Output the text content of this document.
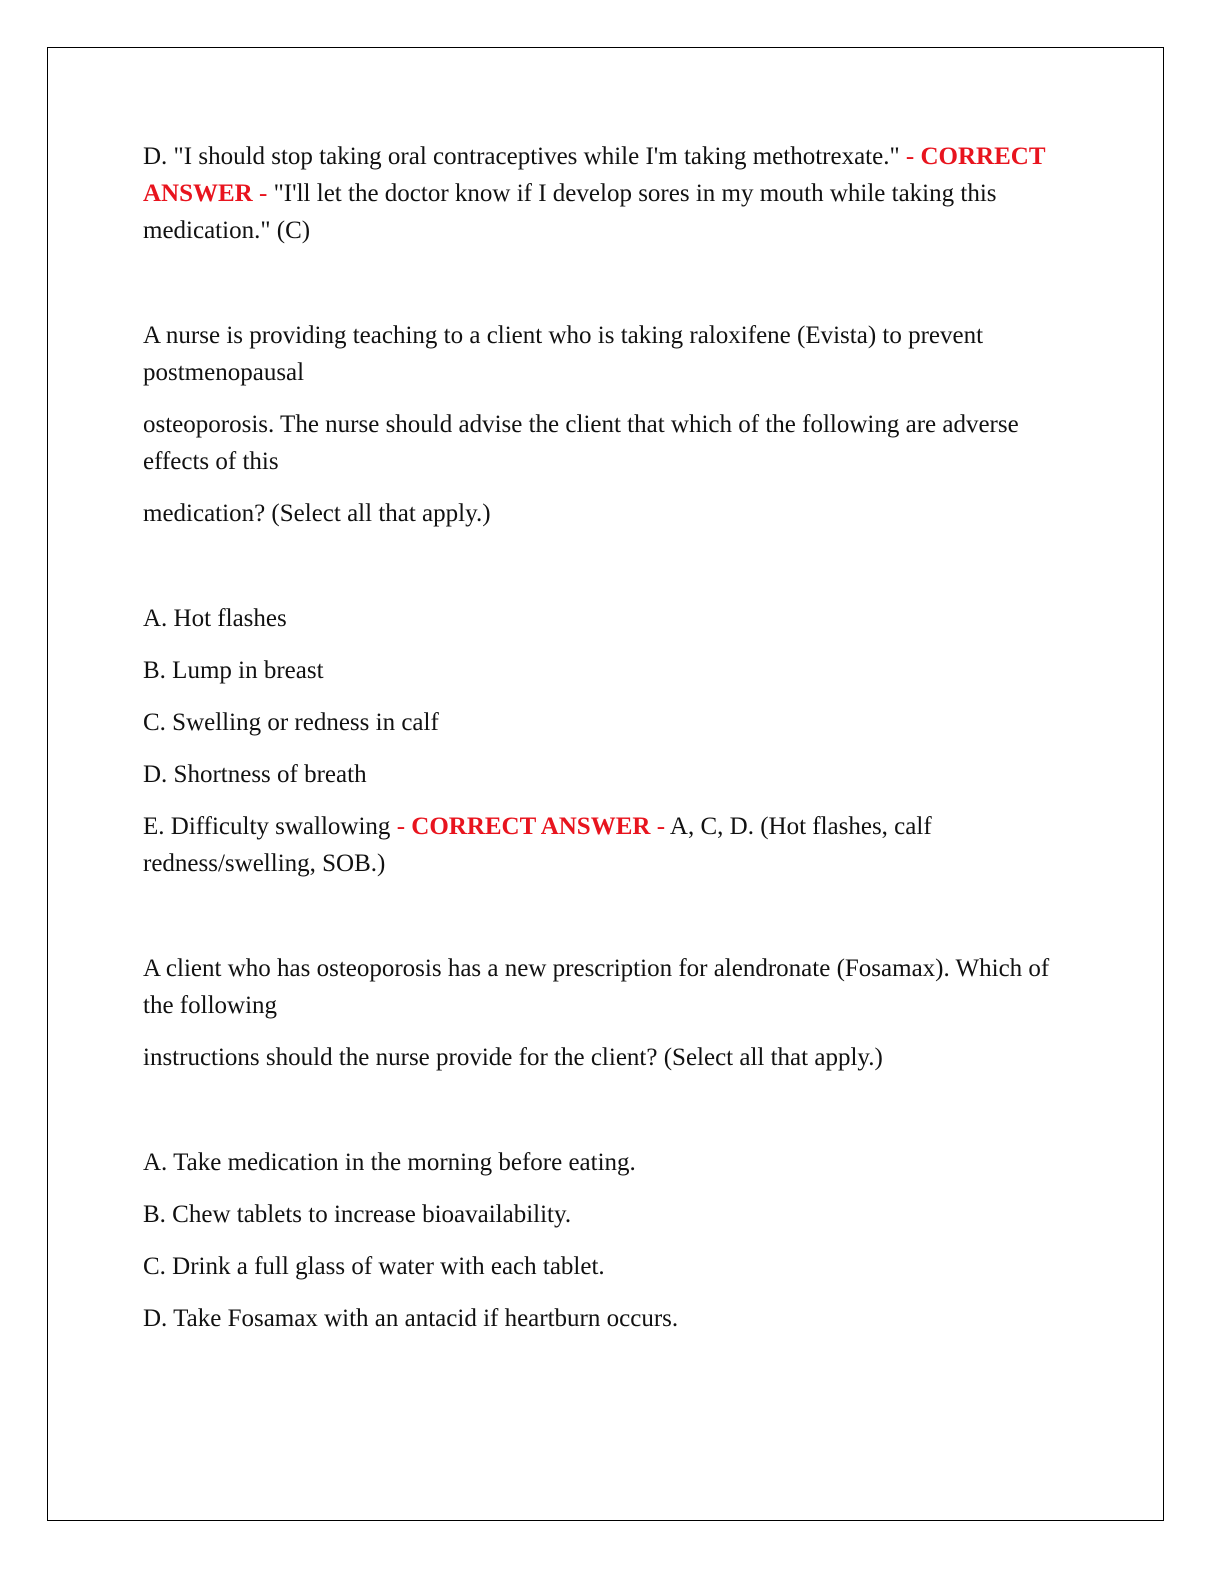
D. "I should stop taking oral contraceptives while I'm taking methotrexate." - CORRECT ANSWER - "I'll let the doctor know if I develop sores in my mouth while taking this medication." (C)

A nurse is providing teaching to a client who is taking raloxifene (Evista) to prevent postmenopausal

osteoporosis. The nurse should advise the client that which of the following are adverse effects of this

medication? (Select all that apply.)

A. Hot flashes

B. Lump in breast

C. Swelling or redness in calf

D. Shortness of breath

E. Difficulty swallowing - CORRECT ANSWER - A, C, D. (Hot flashes, calf redness/swelling, SOB.)

A client who has osteoporosis has a new prescription for alendronate (Fosamax). Which of the following

instructions should the nurse provide for the client? (Select all that apply.)

A. Take medication in the morning before eating.

B. Chew tablets to increase bioavailability.

C. Drink a full glass of water with each tablet.

D. Take Fosamax with an antacid if heartburn occurs.
